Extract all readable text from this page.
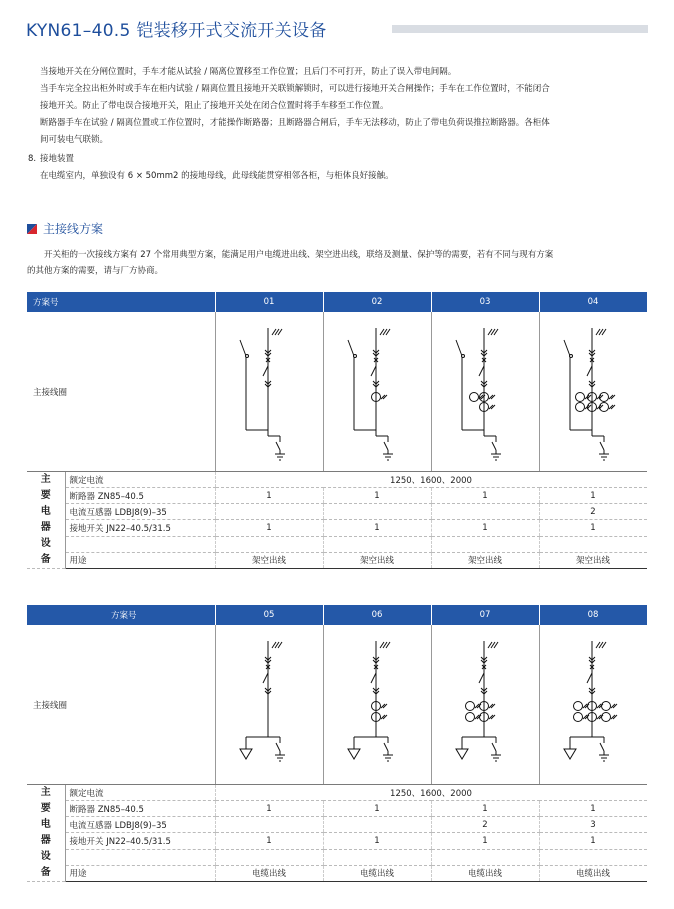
KYN61–40.5 铠装移开式交流开关设备
当接地开关在分闸位置时，手车才能从试验 / 隔离位置移至工作位置；且后门不可打开，防止了误入带电间隔。
当手车完全拉出柜外时或手车在柜内试验 / 隔离位置且接地开关联锁解锁时，可以进行接地开关合闸操作；手车在工作位置时，不能闭合
接地开关。防止了带电误合接地开关，阻止了接地开关处在闭合位置时将手车移至工作位置。
断路器手车在试验 / 隔离位置或工作位置时，才能操作断路器；且断路器合闸后，手车无法移动，防止了带电负荷误推拉断路器。各柜体
间可装电气联锁。
8. 接地装置
在电缆室内，单独设有 6 × 50mm2 的接地母线，此母线能贯穿相邻各柜，与柜体良好接触。
主接线方案
开关柜的一次接线方案有 27 个常用典型方案，能满足用户电缆进出线、架空进出线，联络及测量、保护等的需要，若有不同与现有方案
的其他方案的需要，请与厂方协商。
方案号		01	02	03	04
主接线圈				
主要电器设备	额定电流	1250、1600、2000			
	断路器 ZN85–40.5	1	1	1	1
	电流互感器 LDBJ8(9)–35				2
	接地开关 JN22–40.5/31.5	1	1	1	1

	用途	架空出线	架空出线	架空出线	架空出线
方案号		05	06	07	08
主接线圈				
主要电器设备	额定电流	1250、1600、2000			
	断路器 ZN85–40.5	1	1	1	1
	电流互感器 LDBJ8(9)–35			2	3
	接地开关 JN22–40.5/31.5	1	1	1	1

	用途	电缆出线	电缆出线	电缆出线	电缆出线
